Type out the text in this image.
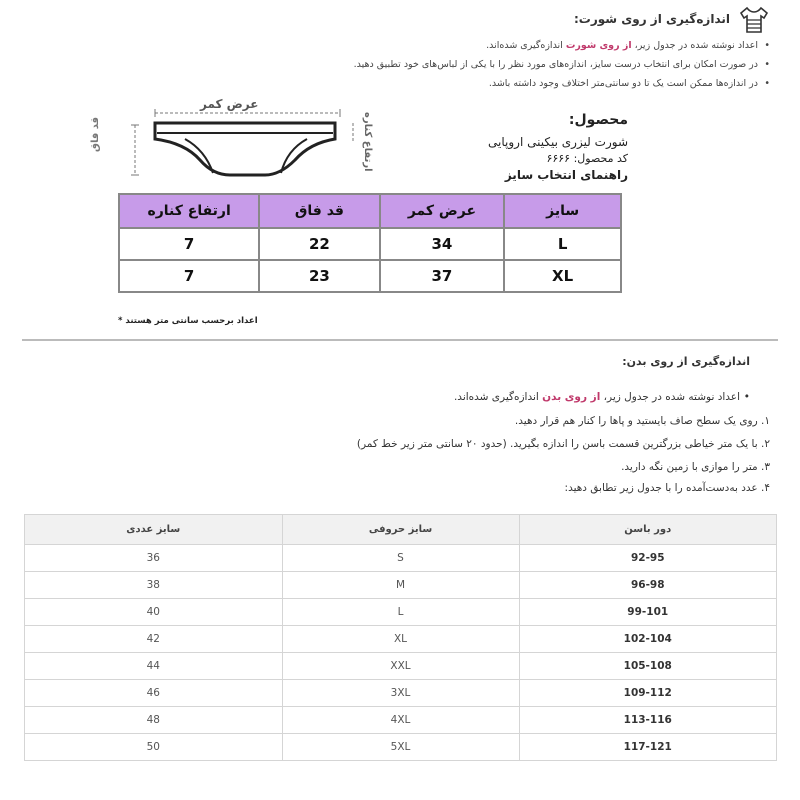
اندازه‌گیری از روی شورت:
• اعداد نوشته شده در جدول زیر، از روی شورت اندازه‌گیری شده‌اند.
• در صورت امکان برای انتخاب درست سایز، اندازه‌های مورد نظر را با یکی از لباس‌های خود تطبیق دهید.
• در اندازه‌ها ممکن است یک تا دو سانتی‌متر اختلاف وجود داشته باشد.
عرض کمر
قد فاق	ارتفاع کناره	محصول:
شورت لیزری بیکینی اروپایی
کد محصول: ۶۶۶۶
راهنمای انتخاب سایز
سایز	عرض کمر	قد فاق	ارتفاع کناره
L	34	22	7
XL	37	23	7
اعداد برحسب سانتی متر هستند *
اندازه‌گیری از روی بدن:
• اعداد نوشته شده در جدول زیر، از روی بدن اندازه‌گیری شده‌اند.
۱. روی یک سطح صاف بایستید و پاها را کنار هم قرار دهید.
۲. با یک متر خیاطی بزرگترین قسمت باسن را اندازه بگیرید. (حدود ۲۰ سانتی متر زیر خط کمر)
۳. متر را موازی با زمین نگه دارید.
۴. عدد به‌دست‌آمده را با جدول زیر تطابق دهید:
دور باسن	سایز حروفی	سایز عددی
92-95	S	36
96-98	M	38
99-101	L	40
102-104	XL	42
105-108	XXL	44
109-112	3XL	46
113-116	4XL	48
117-121	5XL	50
